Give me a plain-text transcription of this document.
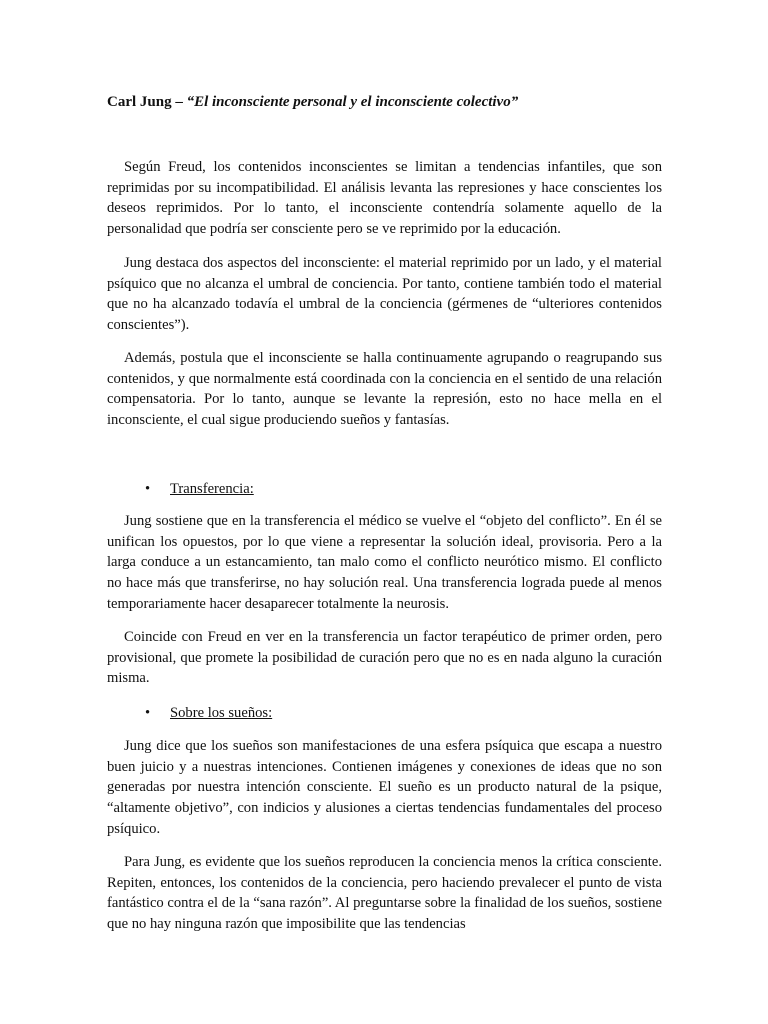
Carl Jung – “El inconsciente personal y el inconsciente colectivo”

Según Freud, los contenidos inconscientes se limitan a tendencias infantiles, que son reprimidas por su incompatibilidad. El análisis levanta las represiones y hace conscientes los deseos reprimidos. Por lo tanto, el inconsciente contendría solamente aquello de la personalidad que podría ser consciente pero se ve reprimido por la educación.

Jung destaca dos aspectos del inconsciente: el material reprimido por un lado, y el material psíquico que no alcanza el umbral de conciencia. Por tanto, contiene también todo el material que no ha alcanzado todavía el umbral de la conciencia (gérmenes de “ulteriores contenidos conscientes”).

Además, postula que el inconsciente se halla continuamente agrupando o reagrupando sus contenidos, y que normalmente está coordinada con la conciencia en el sentido de una relación compensatoria. Por lo tanto, aunque se levante la represión, esto no hace mella en el inconsciente, el cual sigue produciendo sueños y fantasías.

• Transferencia:

Jung sostiene que en la transferencia el médico se vuelve el “objeto del conflicto”. En él se unifican los opuestos, por lo que viene a representar la solución ideal, provisoria. Pero a la larga conduce a un estancamiento, tan malo como el conflicto neurótico mismo. El conflicto no hace más que transferirse, no hay solución real. Una transferencia lograda puede al menos temporariamente hacer desaparecer totalmente la neurosis.

Coincide con Freud en ver en la transferencia un factor terapéutico de primer orden, pero provisional, que promete la posibilidad de curación pero que no es en nada alguno la curación misma.

• Sobre los sueños:

Jung dice que los sueños son manifestaciones de una esfera psíquica que escapa a nuestro buen juicio y a nuestras intenciones. Contienen imágenes y conexiones de ideas que no son generadas por nuestra intención consciente. El sueño es un producto natural de la psique, “altamente objetivo”, con indicios y alusiones a ciertas tendencias fundamentales del proceso psíquico.

Para Jung, es evidente que los sueños reproducen la conciencia menos la crítica consciente. Repiten, entonces, los contenidos de la conciencia, pero haciendo prevalecer el punto de vista fantástico contra el de la “sana razón”. Al preguntarse sobre la finalidad de los sueños, sostiene que no hay ninguna razón que imposibilite que las tendencias
